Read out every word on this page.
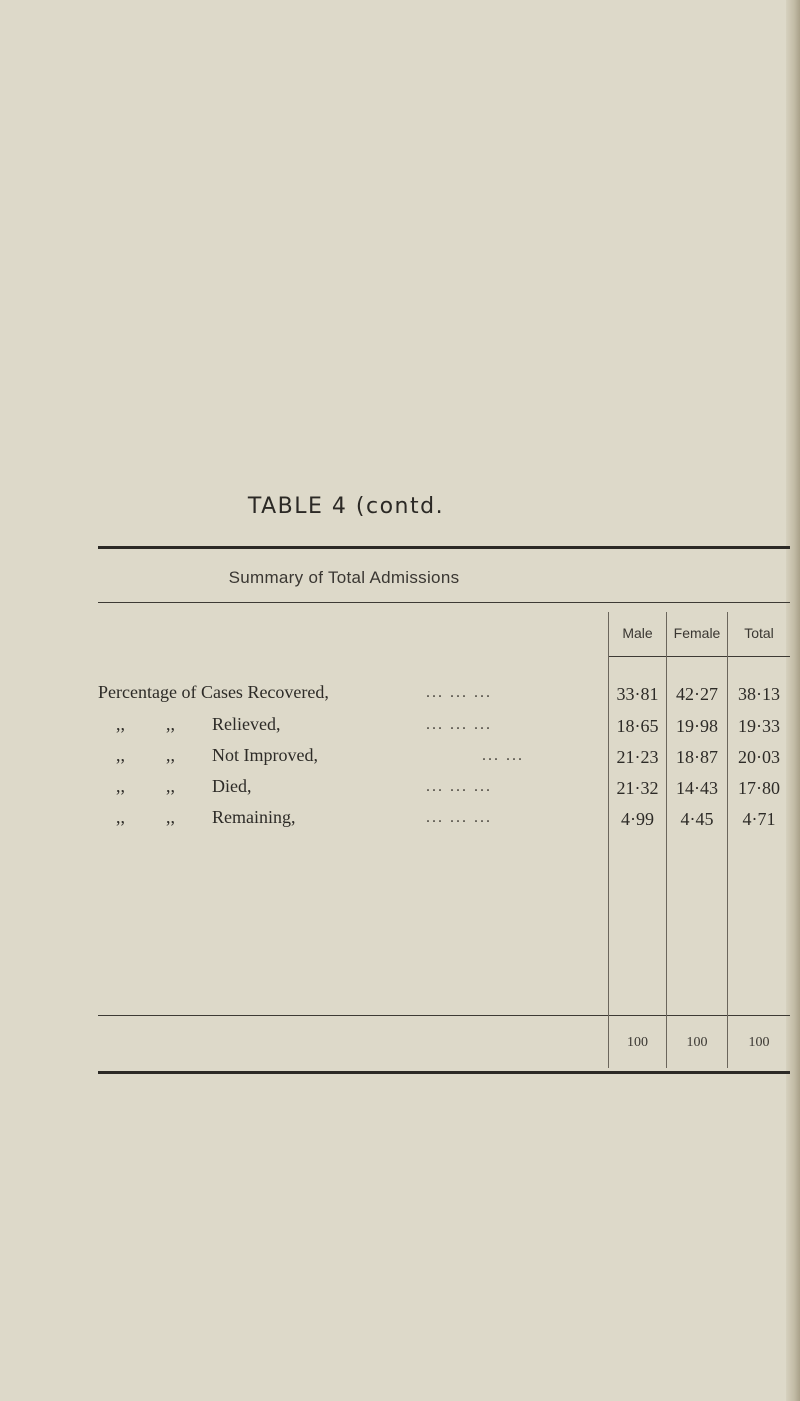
TABLE 4 (contd.
Summary of Total Admissions
Male	Female	Total
Percentage of Cases Recovered,	... ... ...	33·81 42·27	38·13
,, ,, Relieved,	... ... ...	18·65 19·98	19·33
,, ,, Not Improved,	... ...	21·23 18·87	20·03
,, ,, Died,	... ... ...	21·32 14·43	17·80
,, ,, Remaining,	... ... ...	4·99	4·45	4·71
100	100	100
